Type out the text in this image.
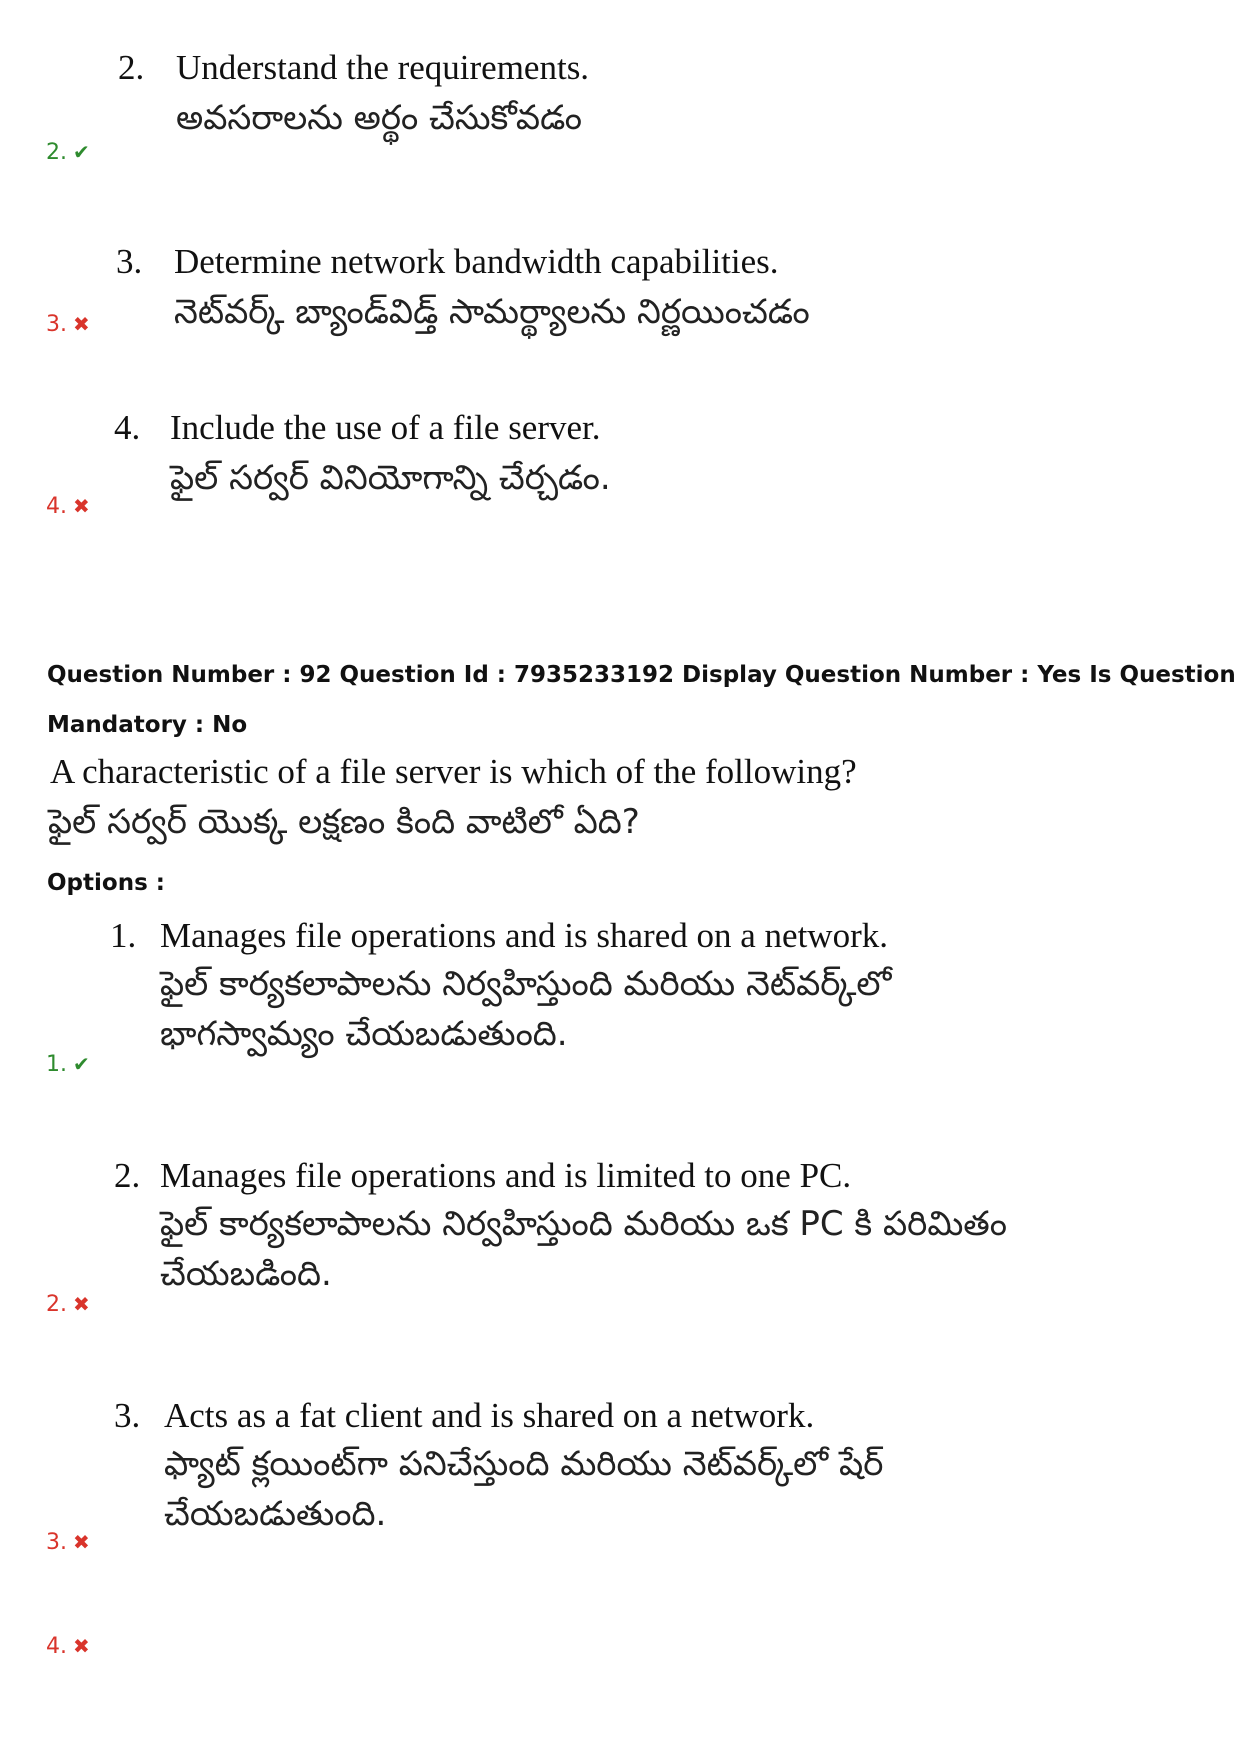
2. Understand the requirements.
అవసరాలను అర్థం చేసుకోవడం
2. ✔
3. Determine network bandwidth capabilities.
నెట్‌వర్క్ బ్యాండ్‌విడ్త్ సామర్థ్యాలను నిర్ణయించడం
3. ✖
4. Include the use of a file server.
ఫైల్ సర్వర్ వినియోగాన్ని చేర్చడం.
4. ✖
Question Number : 92 Question Id : 7935233192 Display Question Number : Yes Is Question
Mandatory : No
A characteristic of a file server is which of the following?
ఫైల్ సర్వర్ యొక్క లక్షణం కింది వాటిలో ఏది?
Options :
1. Manages file operations and is shared on a network.
ఫైల్ కార్యకలాపాలను నిర్వహిస్తుంది మరియు నెట్‌వర్క్‌లో
భాగస్వామ్యం చేయబడుతుంది.
1. ✔
2. Manages file operations and is limited to one PC.
ఫైల్ కార్యకలాపాలను నిర్వహిస్తుంది మరియు ఒక PC కి పరిమితం
చేయబడింది.
2. ✖
3. Acts as a fat client and is shared on a network.
ఫ్యాట్ క్లయింట్‌గా పనిచేస్తుంది మరియు నెట్‌వర్క్‌లో షేర్
చేయబడుతుంది.
3. ✖
4. ✖
